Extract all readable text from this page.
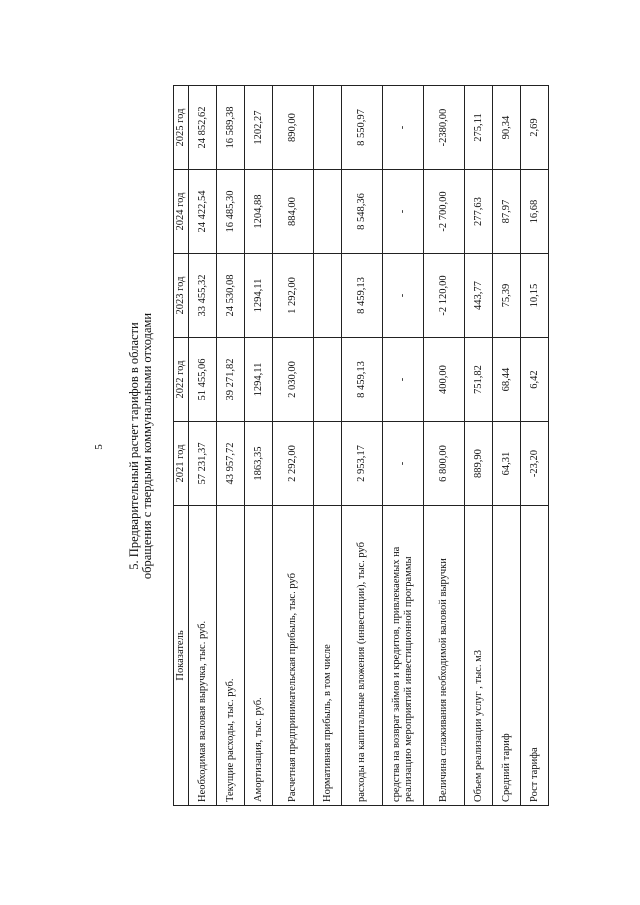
5 5. Предварительный расчет тарифов в области обращения с твердыми коммунальными отходами
Показатель	2021 год	2022 год	2023 год	2024 год	2025 год
Необходимая валовая выручка, тыс. руб.	57 231,37	51 455,06	33 455,32	24 422,54	24 852,62
Текущие расходы, тыс. руб.	43 957,72	39 271,82	24 530,08	16 485,30	16 589,38
Амортизация, тыс. руб.	1863,35	1294,11	1294,11	1204,88	1202,27
Расчетная предпринимательская прибыль, тыс. руб	2 292,00	2 030,00	1 292,00	884,00	890,00
Нормативная прибыль, в том числе					
расходы на капитальные вложения (инвестиции), тыс. руб	2 953,17	8 459,13	8 459,13	8 548,36	8 550,97
средства на возврат займов и кредитов, привлекаемых на реализацию мероприятий инвестиционной программы	-	-	-	-	-
Величина сглаживания необходимой валовой выручки	6 800,00	400,00	-2 120,00	-2 700,00	-2380,00
Объем реализации услуг , тыс. м3	889,90	751,82	443,77	277,63	275,11
Средний тариф	64,31	68,44	75,39	87,97	90,34
Рост тарифа	-23,20	6,42	10,15	16,68	2,69
